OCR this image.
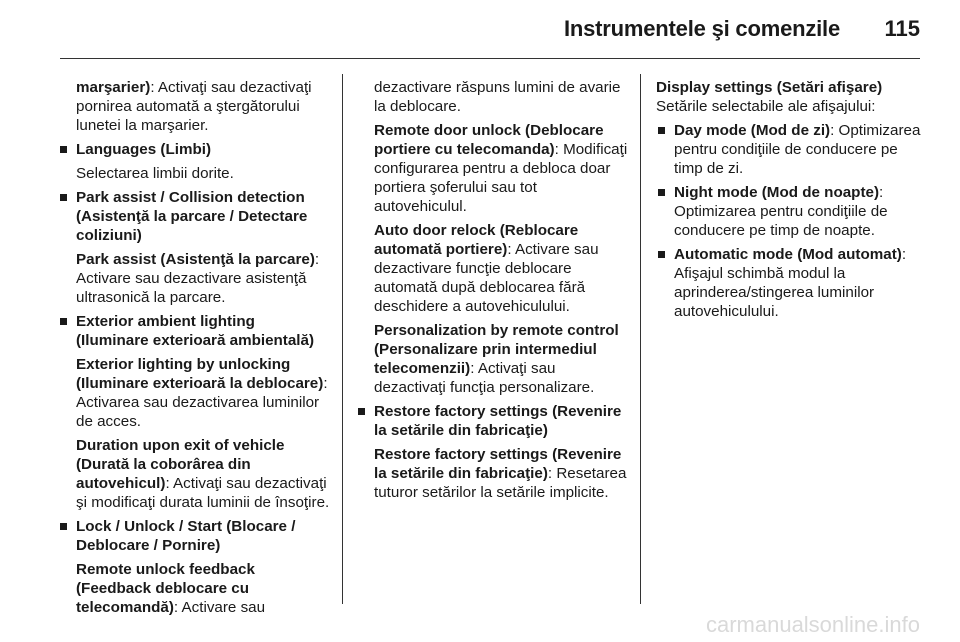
Instrumentele şi comenzile 115
marşarier): Activaţi sau dezactivaţi pornirea automată a ştergătorului lunetei la marşarier.
Languages (Limbi)
Selectarea limbii dorite.
Park assist / Collision detection (Asistenţă la parcare / Detectare coliziuni)
Park assist (Asistenţă la parcare): Activare sau dezactivare asistenţă ultrasonică la parcare.
Exterior ambient lighting (Iluminare exterioară ambientală)
Exterior lighting by unlocking (Iluminare exterioară la deblocare): Activarea sau dezactivarea luminilor de acces.
Duration upon exit of vehicle (Durată la coborârea din autovehicul): Activaţi sau dezactivaţi şi modificaţi durata luminii de însoţire.
Lock / Unlock / Start (Blocare / Deblocare / Pornire)
Remote unlock feedback (Feedback deblocare cu telecomandă): Activare sau
dezactivare răspuns lumini de avarie la deblocare.
Remote door unlock (Deblocare portiere cu telecomanda): Modificaţi configurarea pentru a debloca doar portiera şoferului sau tot autovehiculul.
Auto door relock (Reblocare automată portiere): Activare sau dezactivare funcţie deblocare automată după deblocarea fără deschidere a autovehiculului.
Personalization by remote control (Personalizare prin intermediul telecomenzii): Activaţi sau dezactivaţi funcţia personalizare.
Restore factory settings (Revenire la setările din fabricaţie)
Restore factory settings (Revenire la setările din fabricaţie): Resetarea tuturor setărilor la setările implicite.
Display settings (Setări afişare)
Setările selectabile ale afişajului:
Day mode (Mod de zi): Optimizarea pentru condiţiile de conducere pe timp de zi.
Night mode (Mod de noapte): Optimizarea pentru condiţiile de conducere pe timp de noapte.
Automatic mode (Mod automat): Afişajul schimbă modul la aprinderea/stingerea luminilor autovehiculului.
carmanualsonline.info
